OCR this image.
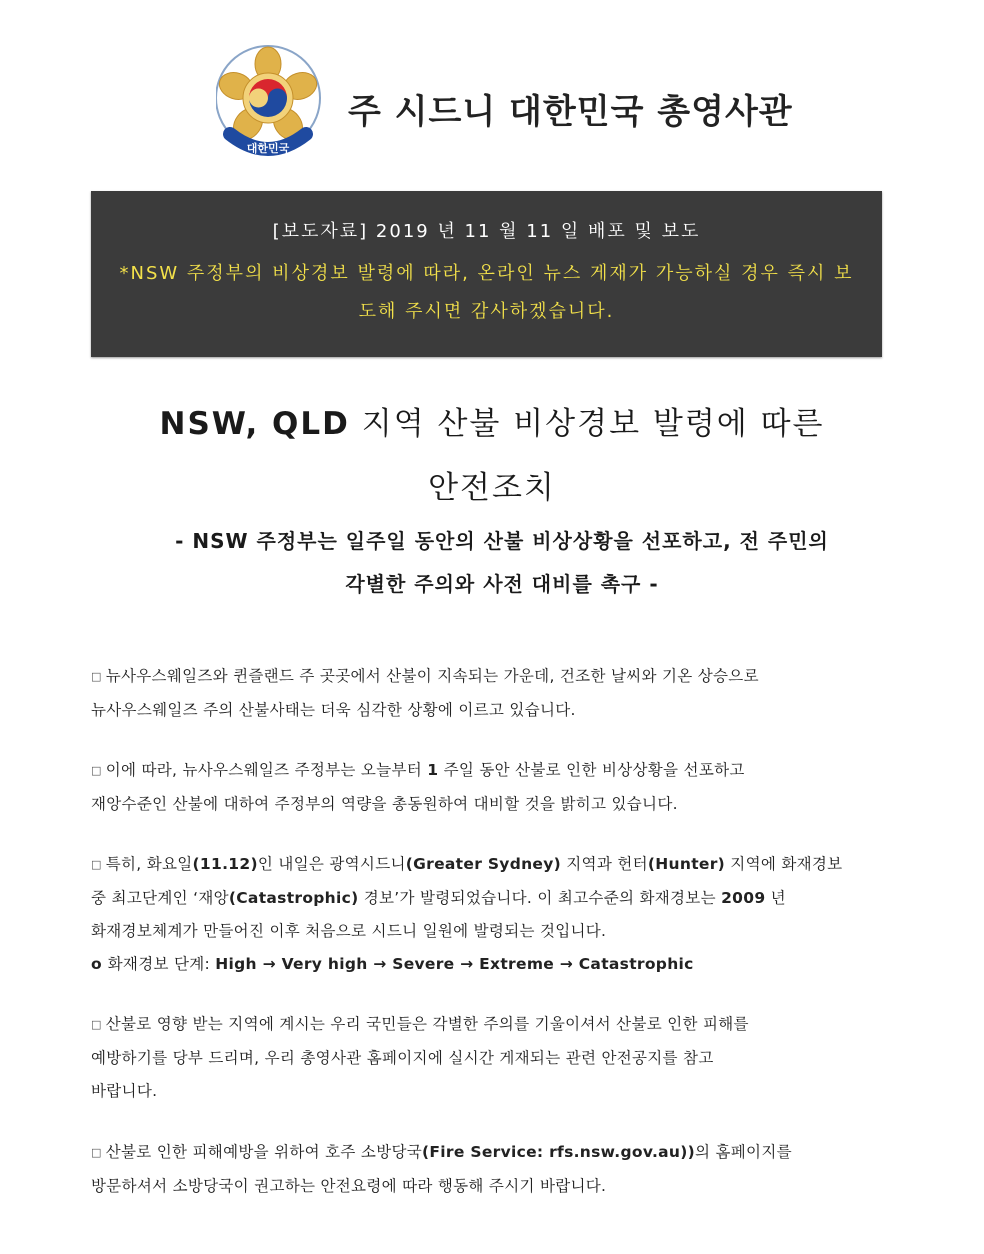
대한민국
주 시드니 대한민국 총영사관
[보도자료] 2019 년 11 월 11 일 배포 및 보도
*NSW 주정부의 비상경보 발령에 따라, 온라인 뉴스 게재가 가능하실 경우 즉시 보도해 주시면 감사하겠습니다.
NSW, QLD 지역 산불 비상경보 발령에 따른
안전조치
- NSW 주정부는 일주일 동안의 산불 비상상황을 선포하고, 전 주민의
각별한 주의와 사전 대비를 촉구 -
□ 뉴사우스웨일즈와 퀸즐랜드 주 곳곳에서 산불이 지속되는 가운데, 건조한 날씨와 기온 상승으로
뉴사우스웨일즈 주의 산불사태는 더욱 심각한 상황에 이르고 있습니다.
□ 이에 따라, 뉴사우스웨일즈 주정부는 오늘부터 1 주일 동안 산불로 인한 비상상황을 선포하고
재앙수준인 산불에 대하여 주정부의 역량을 총동원하여 대비할 것을 밝히고 있습니다.
□ 특히, 화요일(11.12)인 내일은 광역시드니(Greater Sydney) 지역과 헌터(Hunter) 지역에 화재경보
중 최고단계인 ‘재앙(Catastrophic) 경보’가 발령되었습니다. 이 최고수준의 화재경보는 2009 년
화재경보체계가 만들어진 이후 처음으로 시드니 일원에 발령되는 것입니다.
o 화재경보 단계: High → Very high → Severe → Extreme → Catastrophic
□ 산불로 영향 받는 지역에 계시는 우리 국민들은 각별한 주의를 기울이셔서 산불로 인한 피해를
예방하기를 당부 드리며, 우리 총영사관 홈페이지에 실시간 게재되는 관련 안전공지를 참고
바랍니다.
□ 산불로 인한 피해예방을 위하여 호주 소방당국(Fire Service: rfs.nsw.gov.au))의 홈페이지를
방문하셔서 소방당국이 권고하는 안전요령에 따라 행동해 주시기 바랍니다.
